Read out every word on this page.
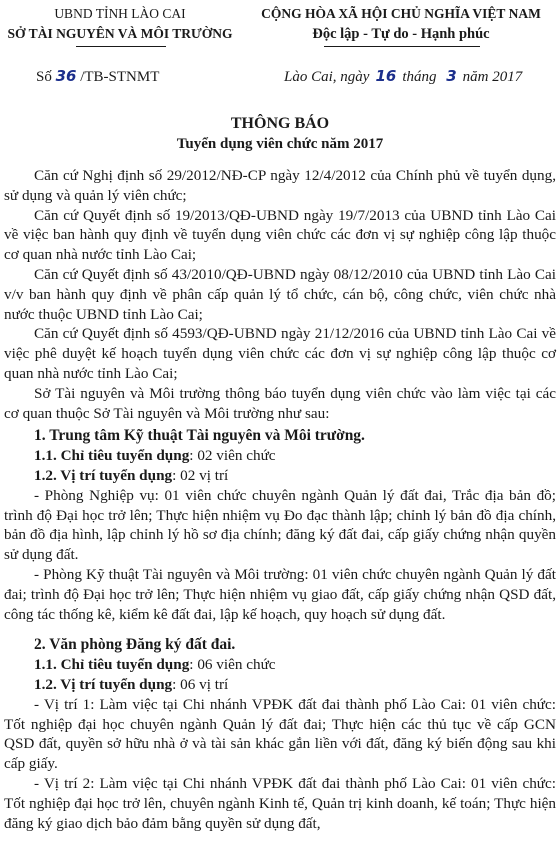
UBND TỈNH LÀO CAI
SỞ TÀI NGUYÊN VÀ MÔI TRƯỜNG
CỘNG HÒA XÃ HỘI CHỦ NGHĨA VIỆT NAM
Độc lập - Tự do - Hạnh phúc
Số 36 /TB-STNMT	Lào Cai, ngày 16 tháng 3 năm 2017
THÔNG BÁO
Tuyển dụng viên chức năm 2017

Căn cứ Nghị định số 29/2012/NĐ-CP ngày 12/4/2012 của Chính phủ về tuyển dụng, sử dụng và quản lý viên chức;

Căn cứ Quyết định số 19/2013/QĐ-UBND ngày 19/7/2013 của UBND tỉnh Lào Cai về việc ban hành quy định về tuyển dụng viên chức các đơn vị sự nghiệp công lập thuộc cơ quan nhà nước tỉnh Lào Cai;

Căn cứ Quyết định số 43/2010/QĐ-UBND ngày 08/12/2010 của UBND tỉnh Lào Cai v/v ban hành quy định về phân cấp quản lý tổ chức, cán bộ, công chức, viên chức nhà nước thuộc UBND tỉnh Lào Cai;

Căn cứ Quyết định số 4593/QĐ-UBND ngày 21/12/2016 của UBND tỉnh Lào Cai về việc phê duyệt kế hoạch tuyển dụng viên chức các đơn vị sự nghiệp công lập thuộc cơ quan nhà nước tỉnh Lào Cai;

Sở Tài nguyên và Môi trường thông báo tuyển dụng viên chức vào làm việc tại các cơ quan thuộc Sở Tài nguyên và Môi trường như sau:

1. Trung tâm Kỹ thuật Tài nguyên và Môi trường.

1.1. Chỉ tiêu tuyển dụng: 02 viên chức

1.2. Vị trí tuyển dụng: 02 vị trí

- Phòng Nghiệp vụ: 01 viên chức chuyên ngành Quản lý đất đai, Trắc địa bản đồ; trình độ Đại học trở lên; Thực hiện nhiệm vụ Đo đạc thành lập; chỉnh lý bản đồ địa chính, bản đồ địa hình, lập chỉnh lý hồ sơ địa chính; đăng ký đất đai, cấp giấy chứng nhận quyền sử dụng đất.

- Phòng Kỹ thuật Tài nguyên và Môi trường: 01 viên chức chuyên ngành Quản lý đất đai; trình độ Đại học trở lên; Thực hiện nhiệm vụ giao đất, cấp giấy chứng nhận QSD đất, công tác thống kê, kiểm kê đất đai, lập kế hoạch, quy hoạch sử dụng đất.

2. Văn phòng Đăng ký đất đai.

1.1. Chỉ tiêu tuyển dụng: 06 viên chức

1.2. Vị trí tuyển dụng: 06 vị trí

- Vị trí 1: Làm việc tại Chi nhánh VPĐK đất đai thành phố Lào Cai: 01 viên chức: Tốt nghiệp đại học chuyên ngành Quản lý đất đai; Thực hiện các thủ tục về cấp GCN QSD đất, quyền sở hữu nhà ở và tài sản khác gắn liền với đất, đăng ký biến động sau khi cấp giấy.

- Vị trí 2: Làm việc tại Chi nhánh VPĐK đất đai thành phố Lào Cai: 01 viên chức: Tốt nghiệp đại học trở lên, chuyên ngành Kinh tế, Quản trị kinh doanh, kế toán; Thực hiện đăng ký giao dịch bảo đảm bằng quyền sử dụng đất,
